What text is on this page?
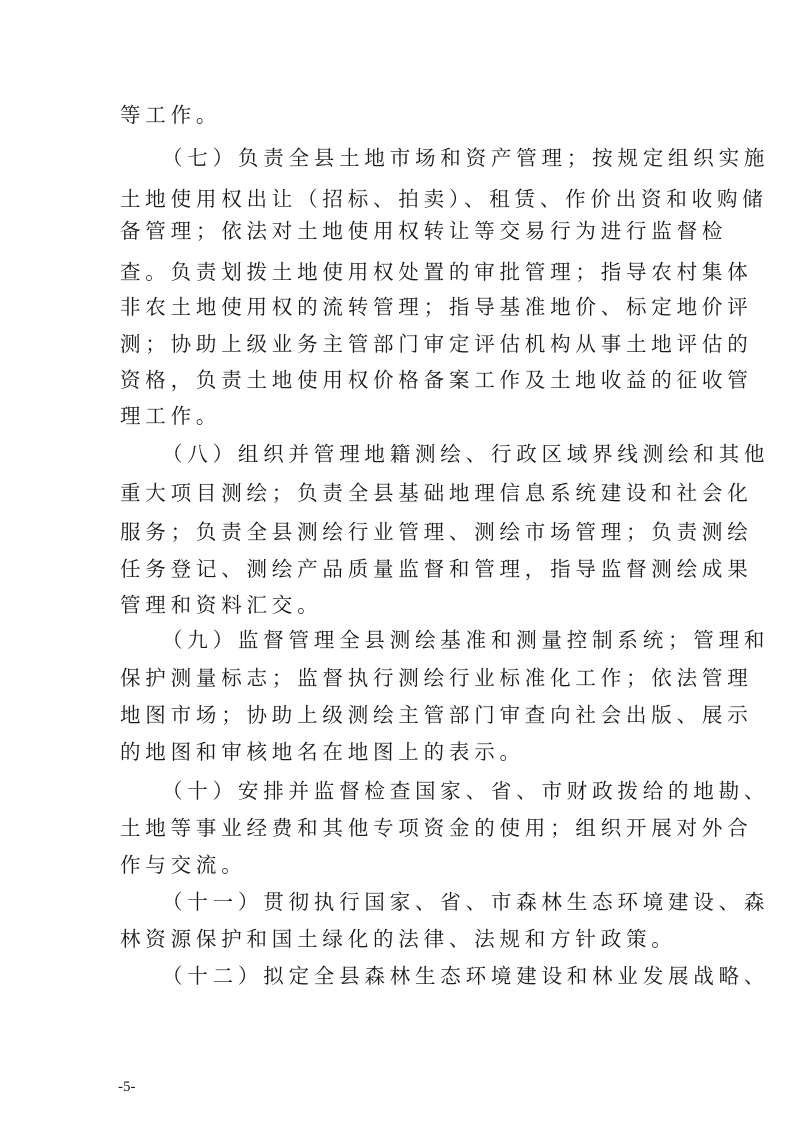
等工作。
（七）负责全县土地市场和资产管理；按规定组织实施
土地使用权出让（招标、拍卖）、租赁、作价出资和收购储
备管理；依法对土地使用权转让等交易行为进行监督检
查。负责划拨土地使用权处置的审批管理；指导农村集体
非农土地使用权的流转管理；指导基准地价、标定地价评
测；协助上级业务主管部门审定评估机构从事土地评估的
资格，负责土地使用权价格备案工作及土地收益的征收管
理工作。
（八）组织并管理地籍测绘、行政区域界线测绘和其他
重大项目测绘；负责全县基础地理信息系统建设和社会化
服务；负责全县测绘行业管理、测绘市场管理；负责测绘
任务登记、测绘产品质量监督和管理，指导监督测绘成果
管理和资料汇交。
（九）监督管理全县测绘基准和测量控制系统；管理和
保护测量标志；监督执行测绘行业标准化工作；依法管理
地图市场；协助上级测绘主管部门审查向社会出版、展示
的地图和审核地名在地图上的表示。
（十）安排并监督检查国家、省、市财政拨给的地勘、
土地等事业经费和其他专项资金的使用；组织开展对外合
作与交流。
（十一）贯彻执行国家、省、市森林生态环境建设、森
林资源保护和国土绿化的法律、法规和方针政策。
（十二）拟定全县森林生态环境建设和林业发展战略、
-5-
